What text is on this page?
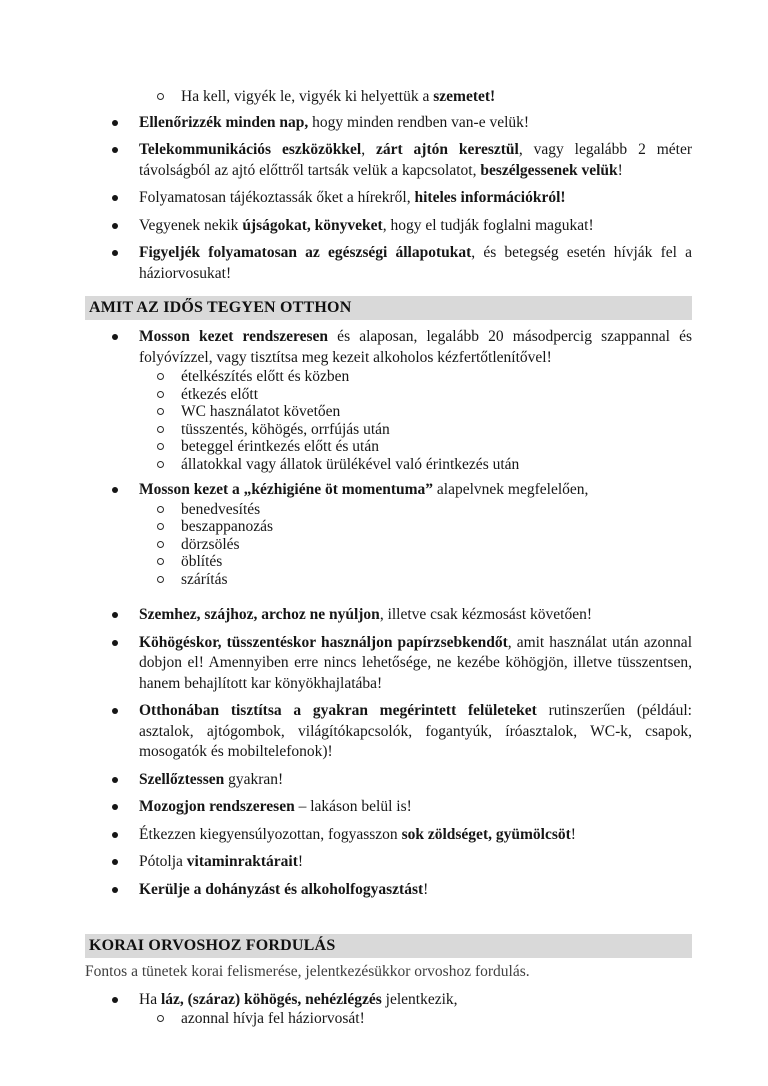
Ha kell, vigyék le, vigyék ki helyettük a szemetet!
Ellenőrizzék minden nap, hogy minden rendben van-e velük!
Telekommunikációs eszközökkel, zárt ajtón keresztül, vagy legalább 2 méter távolságból az ajtó előttről tartsák velük a kapcsolatot, beszélgessenek velük!
Folyamatosan tájékoztassák őket a hírekről, hiteles információkról!
Vegyenek nekik újságokat, könyveket, hogy el tudják foglalni magukat!
Figyeljék folyamatosan az egészségi állapotukat, és betegség esetén hívják fel a háziorvosukat!
AMIT AZ IDŐS TEGYEN OTTHON
Mosson kezet rendszeresen és alaposan, legalább 20 másodpercig szappannal és folyóvízzel, vagy tisztítsa meg kezeit alkoholos kézfertőtlenítővel!
ételkészítés előtt és közben
étkezés előtt
WC használatot követően
tüsszentés, köhögés, orrfújás után
beteggel érintkezés előtt és után
állatokkal vagy állatok ürülékével való érintkezés után
Mosson kezet a „kézhigiéne öt momentuma” alapelvnek megfelelően,
benedvesítés
beszappanozás
dörzsölés
öblítés
szárítás
Szemhez, szájhoz, archoz ne nyúljon, illetve csak kézmosást követően!
Köhögéskor, tüsszentéskor használjon papírzsebkendőt, amit használat után azonnal dobjon el! Amennyiben erre nincs lehetősége, ne kezébe köhögjön, illetve tüsszentsen, hanem behajlított kar könyökhajlatába!
Otthonában tisztítsa a gyakran megérintett felületeket rutinszerűen (például: asztalok, ajtógombok, világítókapcsolók, fogantyúk, íróasztalok, WC-k, csapok, mosogatók és mobiltelefonok)!
Szellőztessen gyakran!
Mozogjon rendszeresen – lakáson belül is!
Étkezzen kiegyensúlyozottan, fogyasszon sok zöldséget, gyümölcsöt!
Pótolja vitaminraktárait!
Kerülje a dohányzást és alkoholfogyasztást!
KORAI ORVOSHOZ FORDULÁS
Fontos a tünetek korai felismerése, jelentkezésükkor orvoshoz fordulás.
Ha láz, (száraz) köhögés, nehézlégzés jelentkezik,
azonnal hívja fel háziorvosát!
